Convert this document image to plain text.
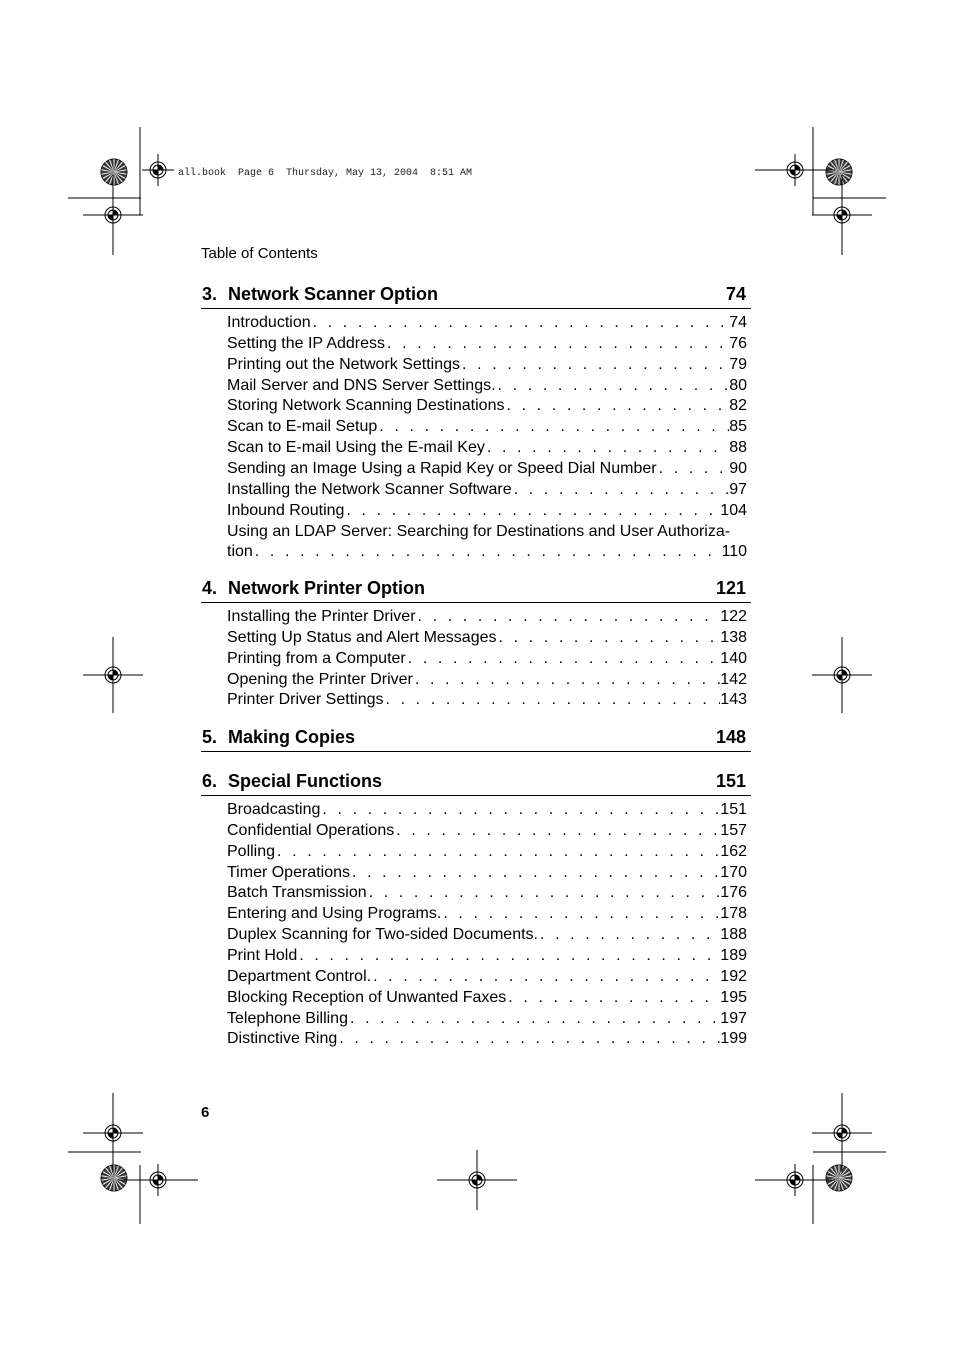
all.book  Page 6  Thursday, May 13, 2004  8:51 AM
Table of Contents
3. Network Scanner Option	74
Introduction . . .	74
Setting the IP Address . . .	76
Printing out the Network Settings . . .	79
Mail Server and DNS Server Settings. . . .	80
Storing Network Scanning Destinations . . .	82
Scan to E-mail Setup . . .	85
Scan to E-mail Using the E-mail Key . . .	88
Sending an Image Using a Rapid Key or Speed Dial Number . . .	90
Installing the Network Scanner Software . . .	97
Inbound Routing . . .	104
Using an LDAP Server: Searching for Destinations and User Authoriza-
tion . . .	110
4. Network Printer Option	121
Installing the Printer Driver . . .	122
Setting Up Status and Alert Messages . . .	138
Printing from a Computer . . .	140
Opening the Printer Driver . . .	142
Printer Driver Settings . . .	143
5. Making Copies	148
6. Special Functions	151
Broadcasting . . .	151
Confidential Operations . . .	157
Polling . . .	162
Timer Operations . . .	170
Batch Transmission . . .	176
Entering and Using Programs. . . .	178
Duplex Scanning for Two-sided Documents. . . .	188
Print Hold . . .	189
Department Control. . . .	192
Blocking Reception of Unwanted Faxes . . .	195
Telephone Billing . . .	197
Distinctive Ring . . .	199
6
